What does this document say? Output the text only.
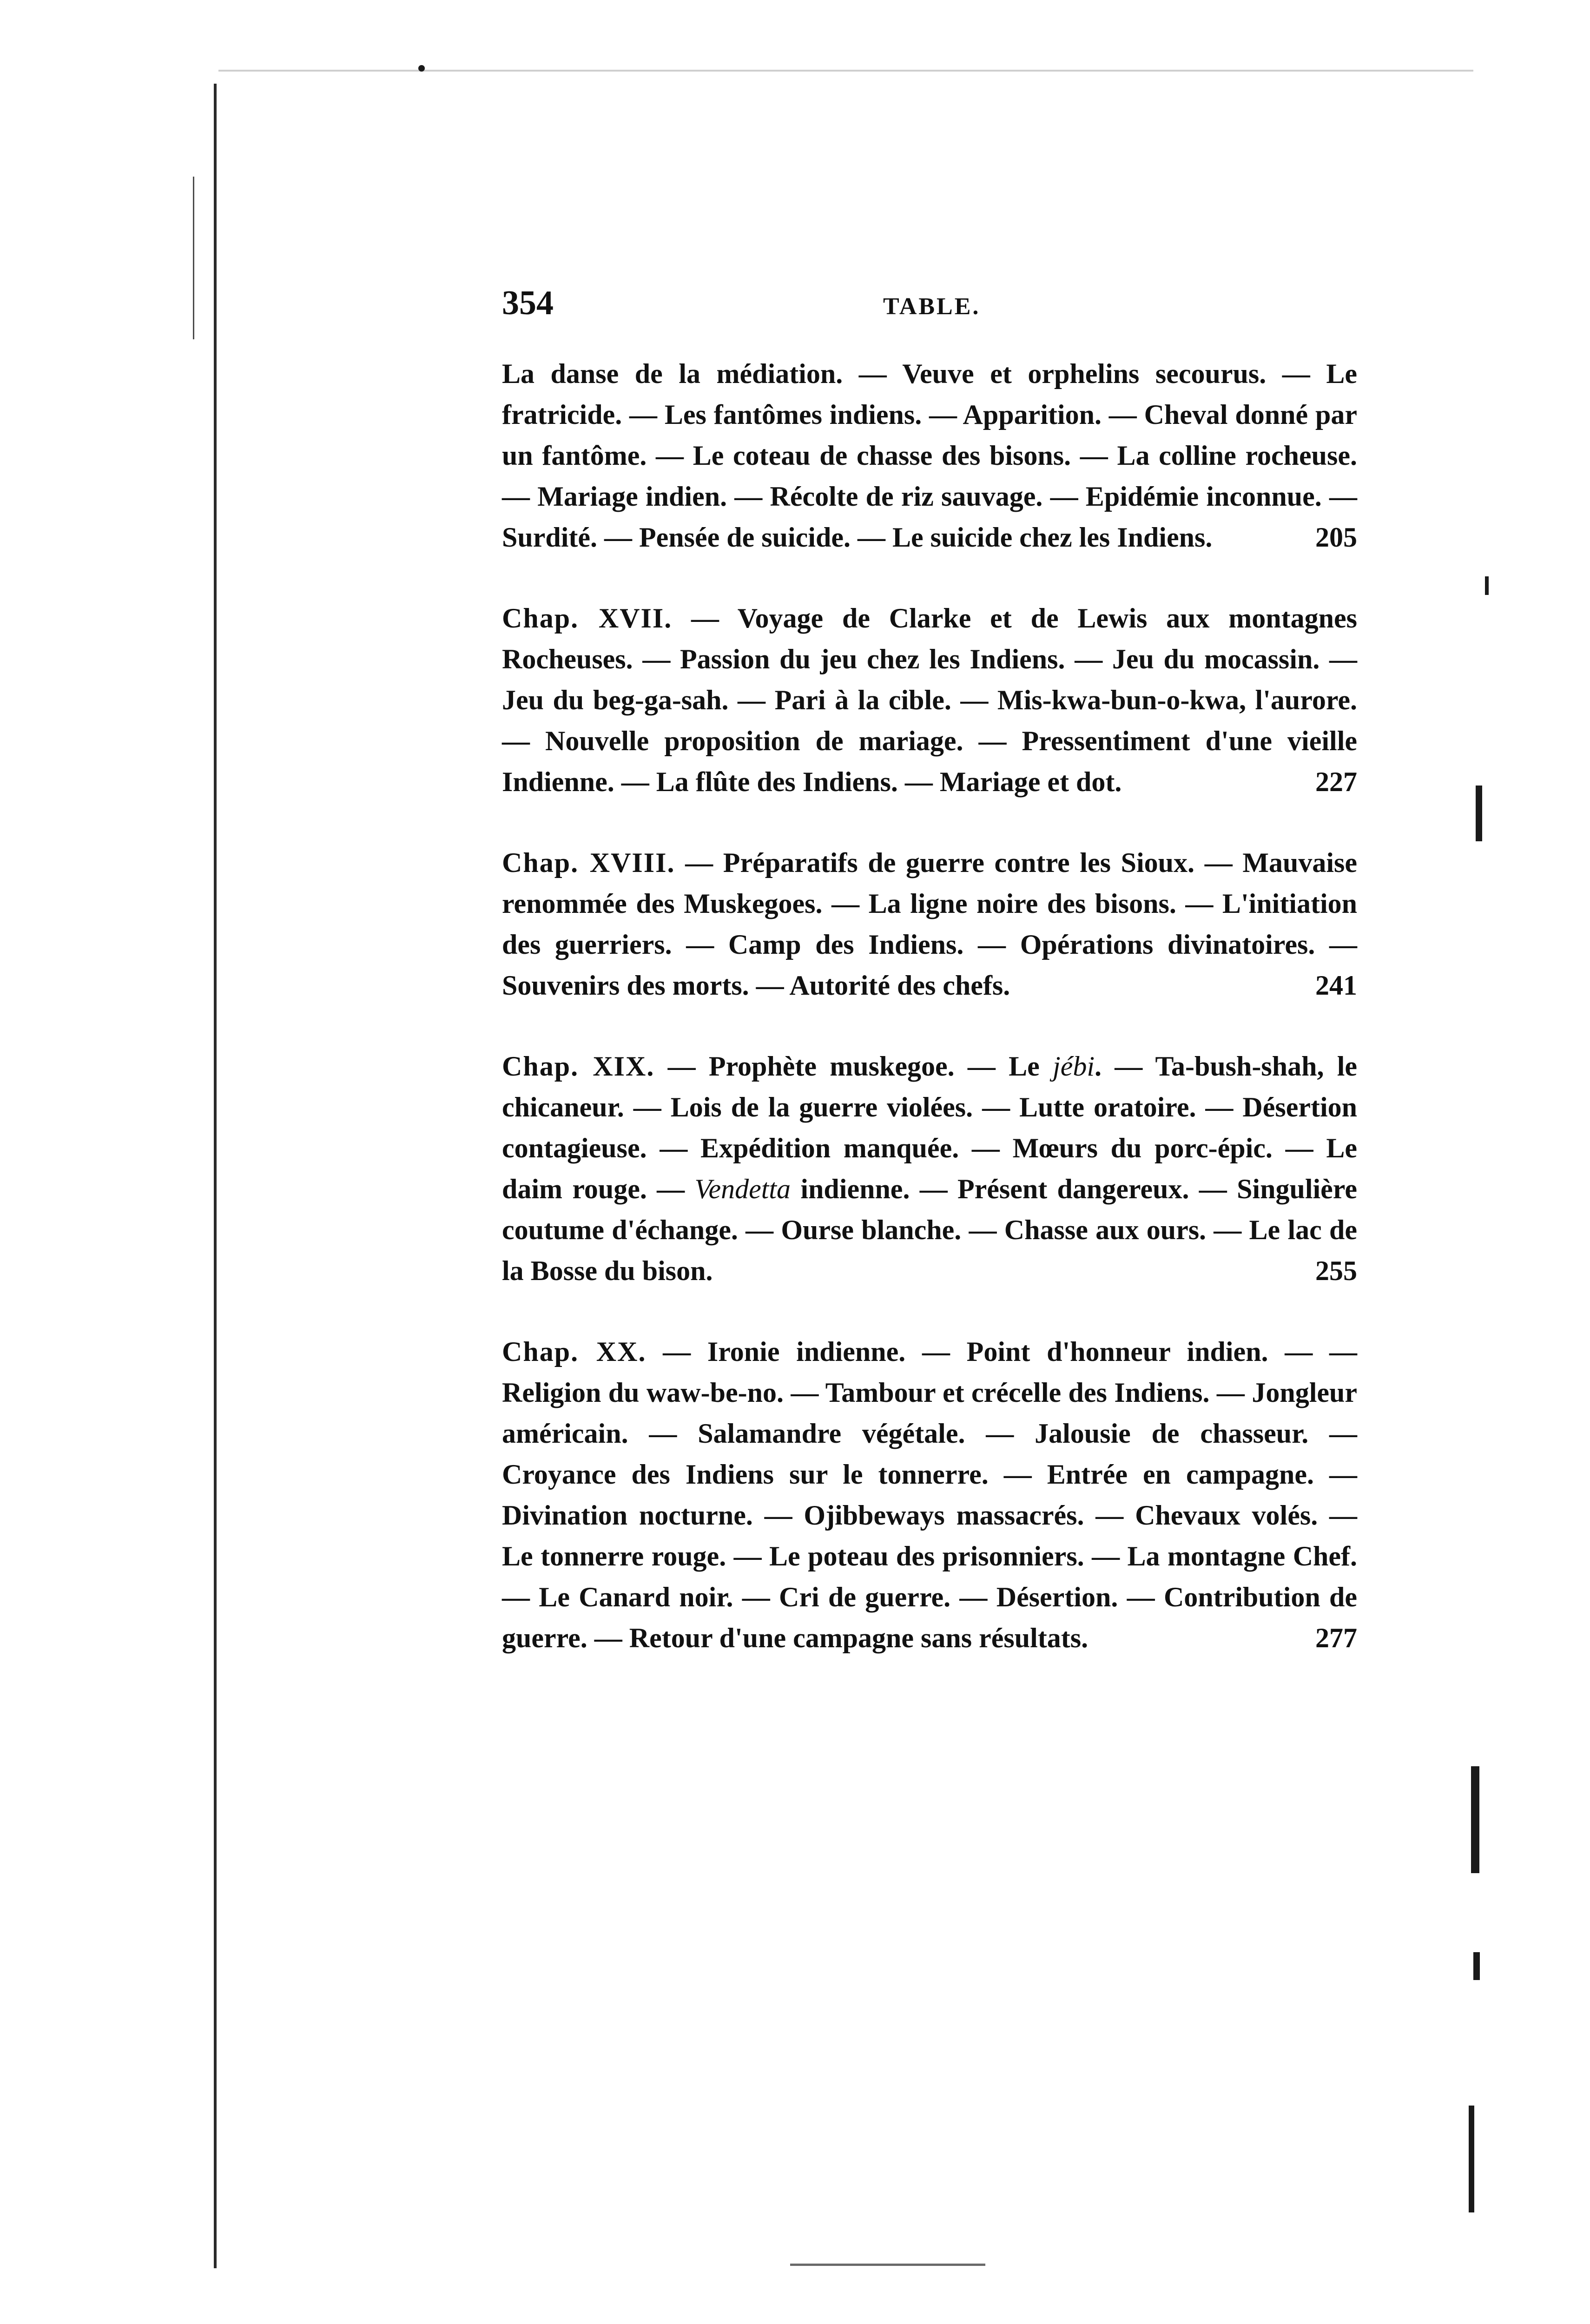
354	TABLE.
La danse de la médiation. — Veuve et orphelins secourus. — Le fratricide. — Les fantômes indiens. — Apparition. — Cheval donné par un fantôme. — Le coteau de chasse des bisons. — La colline rocheuse. — Mariage indien. — Récolte de riz sauvage. — Epidémie inconnue. — Surdité. — Pensée de suicide. — Le suicide chez les Indiens.	205
Chap. XVII. — Voyage de Clarke et de Lewis aux montagnes Rocheuses. — Passion du jeu chez les Indiens. — Jeu du mocassin. — Jeu du beg-ga-sah. — Pari à la cible. — Mis-kwa-bun-o-kwa, l'aurore. — Nouvelle proposition de mariage. — Pressentiment d'une vieille Indienne. — La flûte des Indiens. — Mariage et dot.	227
Chap. XVIII. — Préparatifs de guerre contre les Sioux. — Mauvaise renommée des Muskegoes. — La ligne noire des bisons. — L'initiation des guerriers. — Camp des Indiens. — Opérations divinatoires. — Souvenirs des morts. — Autorité des chefs.	241
Chap. XIX. — Prophète muskegoe. — Le jébi. — Ta-bush-shah, le chicaneur. — Lois de la guerre violées. — Lutte oratoire. — Désertion contagieuse. — Expédition manquée. — Mœurs du porc-épic. — Le daim rouge. — Vendetta indienne. — Présent dangereux. — Singulière coutume d'échange. — Ourse blanche. — Chasse aux ours. — Le lac de la Bosse du bison.	255
Chap. XX. — Ironie indienne. — Point d'honneur indien. — — Religion du waw-be-no. — Tambour et crécelle des Indiens. — Jongleur américain. — Salamandre végétale. — Jalousie de chasseur. — Croyance des Indiens sur le tonnerre. — Entrée en campagne. — Divination nocturne. — Ojibbeways massacrés. — Chevaux volés. — Le tonnerre rouge. — Le poteau des prisonniers. — La montagne Chef. — Le Canard noir. — Cri de guerre. — Désertion. — Contribution de guerre. — Retour d'une campagne sans résultats.	277
